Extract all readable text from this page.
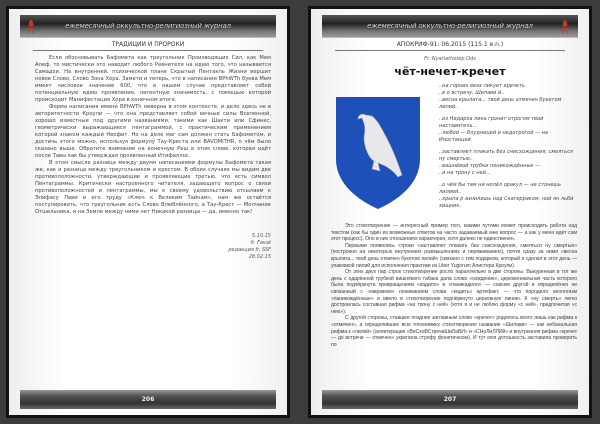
ежемесячный оккультно-религиозный журнал
ТРАДИЦИИ И ПРОРОКИ

Если обосновывать Бафомета как треугольник Производящих Сил, как Мем Алеф, то мистически это наводит любого Ревнителя на идею того, что называется Самадхи. На внутренней, психической плане Скрытый Пентакль Жизни вершит новое Слово, Слово Зона Хора. Замети и теперь, что в написании BPhWTh буква Мем имеет числовое значение 600, что в нашем случае представляет собой потенциальную идею проявления, латентную значимость, с помощью которой происходит Манифестация Хора в конечном итоге.

Форма написания имени BPhWTh неверна в этом контексте, и дело здесь не в авторитетности Кроули — что она представляет собой вечные силы Вселенной, хорошо известные под другими названиями, такими как Шакти или Сфинкс, геометрически выражающиеся пентаграммой, с практическим применением которой знаком каждый Неофит. Но на деле маг сам должен стать Бафометом, и достичь этого можно, используя формулу Тау-Креста или BAVOMITHR, о чём было сказано выше. Обратите внимание на конечную Реш в этом слове, которая идёт после Тавы как бы утверждая проявленный Итифаллос.

В этом смысле разница между двумя написаниями формулы Бафомета такая же, как и разница между треугольником и крестом. В обоих случаях мы видим две противоположности, утверждающие и проявляющие третью, что есть символ Пентаграммы. Критически настроенного читателя, задающего вопрос о связи противоположностей и пентаграммы, мы к своему удовольствию отсылаем к Элифасу Леви и его труду «Ключ к Великим Тайнам», нам же остаётся постулировать, что треугольник есть Слово Влюблённого, а Тау-Крест — Молчание Отшельника, и на Земле между ними нет Никакой разницы — да, именно так!

5.10.15
fr. Favat
редакция fr. SSF
28.02.15
206
ежемесячный оккультно-религиозный журнал
АПОКРИФ-91: 06.2015 (115.1 e.n.)
Fr. Nyarlathotep Ods
чёт-нечет-кречет
..на горних веях ликует кречеть
..в о встречу, Шилави й..
..весна крылата... твой день отмечен букетом лилий..
..из Нидарха лика гронит отрогом твой наставитель...
..любой — блудницей и недотрогой — на Иностанцей
..заставляет плакать без снисхождения, смеяться ну смертью..
..вашнёвой трубки поникождённые —
..и на трону с ней...
..о чём бы там ни нопёл оракул — не стонешь лилией..
..хрыпа р азнилишь над Скагерраком, ной ян льбй хищник.

Это стихотворение — интересный пример того, какими путями может происходить работа над текстом (как бы один из возможных ответов на часто задаваемый мне вопрос — а как у меня идёт сам этот процесс). Оно в них отношениях характерен, хотя далеко не единственен.

Первыми появились строки «заставляет плакать без снисхождения, смеяться ну смертью» (построено на некоторых внутренних размышлениях и переживаниях), почти сразу за ними «весна крылата... твой день отмечен букетом лилий» (связано с тем подарком, который я сделал в этот день — упаковкой лилий для исполнения практики из Liber Yugorum Алистера Кроули).

От этих двух пар строк стихотворение росло параллельно в две стороны. Выкуренная в тот же день с одарённой трубкой вишнёвого табака дала слово «хождение», церемониальная часть которого была подчёркнута превращением «кадило» в «паникадило» — совсем другой и определённо не связанный с «миражом» пониманием слова «кадить» артефакт, — что породило неологизм «паникождённые» и ввело в стихотворение подчёркнуто церковную линию. К «ну смерть» легко достроилась составная рифма «на трону с ней» (хотя я и не люблю форму «с ней», предпочитая «с нею»).

С другой стороны, ставшее позднее заглавным слово «кречет» родилось всего лишь как рифма к «отмечен», а определившее всю топонимику стихотворения название «Шилави» — как небанальная рифма к «лилий» (аллитерация «ВеСхоВСтречиШиЛаВИ» и «СНоЛиЛЛИй» и внутренняя рифма «кречет — до встречи — отмечен» укрепила строфу фонетически). И тут моя дотошность заставила проверить по

207
